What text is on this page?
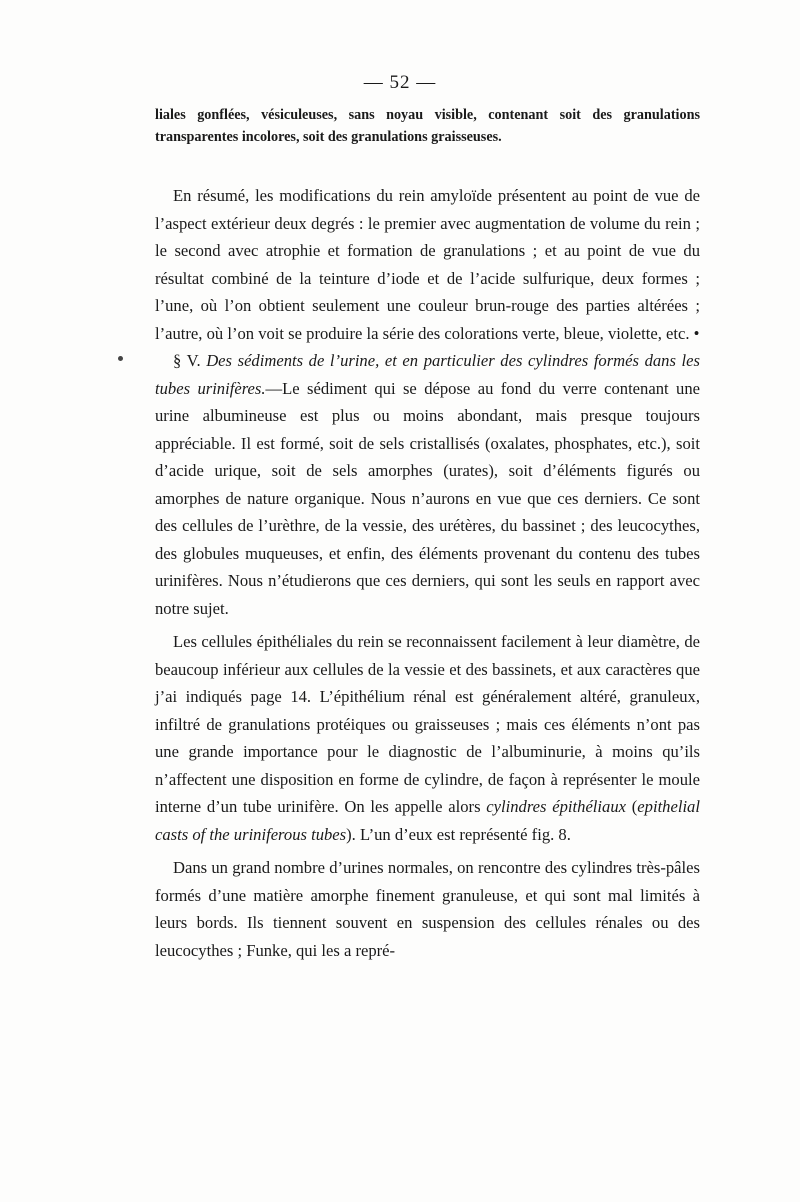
— 52 —

liales gonflées, vésiculeuses, sans noyau visible, contenant soit des granulations transparentes incolores, soit des granulations graisseuses.

En résumé, les modifications du rein amyloïde présentent au point de vue de l’aspect extérieur deux degrés : le premier avec augmentation de volume du rein ; le second avec atrophie et formation de granulations ; et au point de vue du résultat combiné de la teinture d’iode et de l’acide sulfurique, deux formes ; l’une, où l’on obtient seulement une couleur brun-rouge des parties altérées ; l’autre, où l’on voit se produire la série des colorations verte, bleue, violette, etc. •

§ V. Des sédiments de l’urine, et en particulier des cylindres formés dans les tubes urinifères.—Le sédiment qui se dépose au fond du verre contenant une urine albumineuse est plus ou moins abondant, mais presque toujours appréciable. Il est formé, soit de sels cristallisés (oxalates, phosphates, etc.), soit d’acide urique, soit de sels amorphes (urates), soit d’éléments figurés ou amorphes de nature organique. Nous n’aurons en vue que ces derniers. Ce sont des cellules de l’urèthre, de la vessie, des urétères, du bassinet ; des leucocythes, des globules muqueuses, et enfin, des éléments provenant du contenu des tubes urinifères. Nous n’étudierons que ces derniers, qui sont les seuls en rapport avec notre sujet.

Les cellules épithéliales du rein se reconnaissent facilement à leur diamètre, de beaucoup inférieur aux cellules de la vessie et des bassinets, et aux caractères que j’ai indiqués page 14. L’épithélium rénal est généralement altéré, granuleux, infiltré de granulations protéiques ou graisseuses ; mais ces éléments n’ont pas une grande importance pour le diagnostic de l’albuminurie, à moins qu’ils n’affectent une disposition en forme de cylindre, de façon à représenter le moule interne d’un tube urinifère. On les appelle alors cylindres épithéliaux (epithelial casts of the uriniferous tubes). L’un d’eux est représenté fig. 8.

Dans un grand nombre d’urines normales, on rencontre des cylindres très-pâles formés d’une matière amorphe finement granuleuse, et qui sont mal limités à leurs bords. Ils tiennent souvent en suspension des cellules rénales ou des leucocythes ; Funke, qui les a repré-
